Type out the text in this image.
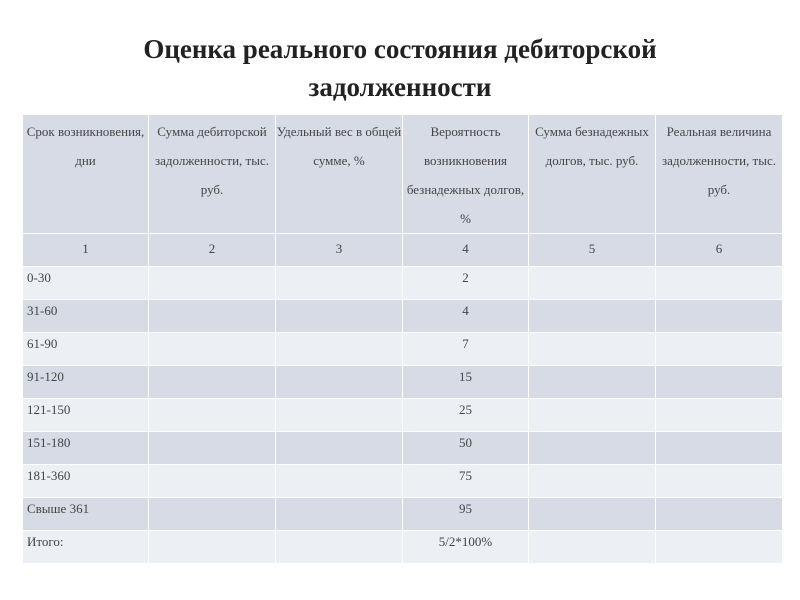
Оценка реального состояния дебиторской
задолженности
Срок возникновения, дни	Сумма дебиторской задолженности, тыс. руб.	Удельный вес в общей сумме, %	Вероятность возникновения безнадежных долгов, %	Сумма безнадежных долгов, тыс. руб.	Реальная величина задолженности, тыс. руб.
1	2	3	4	5	6
0-30			2		
31-60			4		
61-90			7		
91-120			15		
121-150			25		
151-180			50		
181-360			75		
Свыше 361			95		
Итого:			5/2*100%		
